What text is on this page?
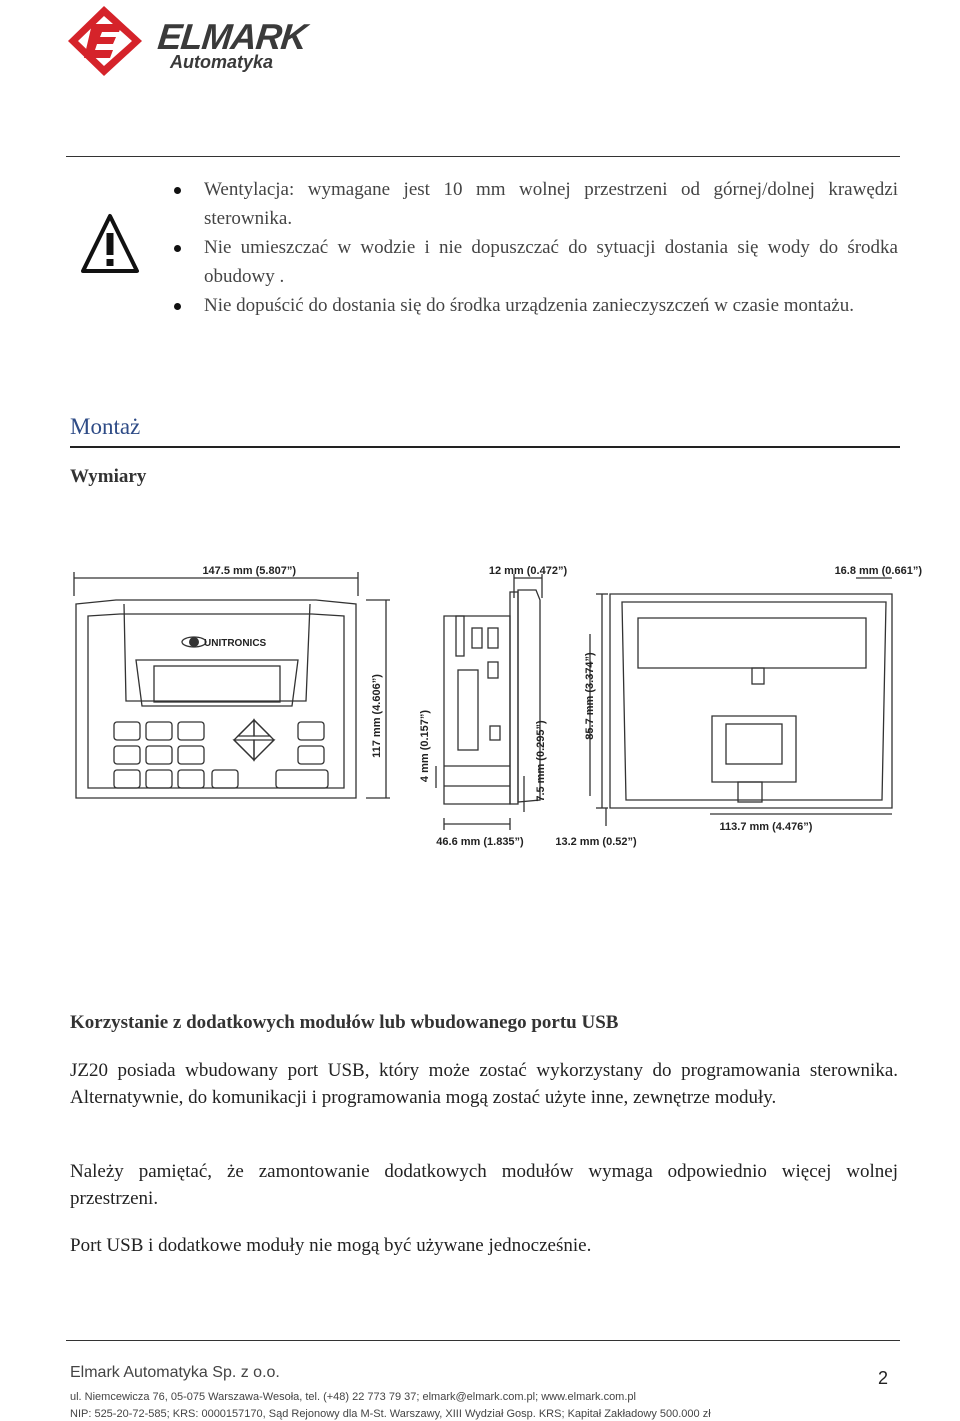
ELMARK
Automatyka
Wentylacja: wymagane jest 10 mm wolnej przestrzeni od górnej/dolnej krawędzi sterownika.
Nie umieszczać w wodzie i nie dopuszczać do sytuacji dostania się wody do środka obudowy .
Nie dopuścić do dostania się do środka urządzenia zanieczyszczeń w czasie montażu.
Montaż
Wymiary
147.5 mm (5.807”)
117 mm (4.606”)
UNITRONICS
12 mm (0.472”)
4 mm (0.157”)	7.5 mm (0.295”)
46.6 mm (1.835”)
16.8 mm (0.661”)
85.7 mm (3.374”)
113.7 mm (4.476”)
13.2 mm (0.52”)
Korzystanie z dodatkowych modułów lub wbudowanego portu USB

JZ20 posiada wbudowany port USB, który może zostać wykorzystany do programowania sterownika. Alternatywnie, do komunikacji i programowania mogą zostać użyte inne, zewnętrze moduły.

Należy pamiętać, że zamontowanie dodatkowych modułów wymaga odpowiednio więcej wolnej przestrzeni.

Port USB i dodatkowe moduły nie mogą być używane jednocześnie.

Elmark Automatyka Sp. z o.o.
ul. Niemcewicza 76, 05-075 Warszawa-Wesoła, tel. (+48) 22 773 79 37; elmark@elmark.com.pl; www.elmark.com.pl
NIP: 525-20-72-585; KRS: 0000157170, Sąd Rejonowy dla M-St. Warszawy, XIII Wydział Gosp. KRS; Kapitał Zakładowy 500.000 zł
2
